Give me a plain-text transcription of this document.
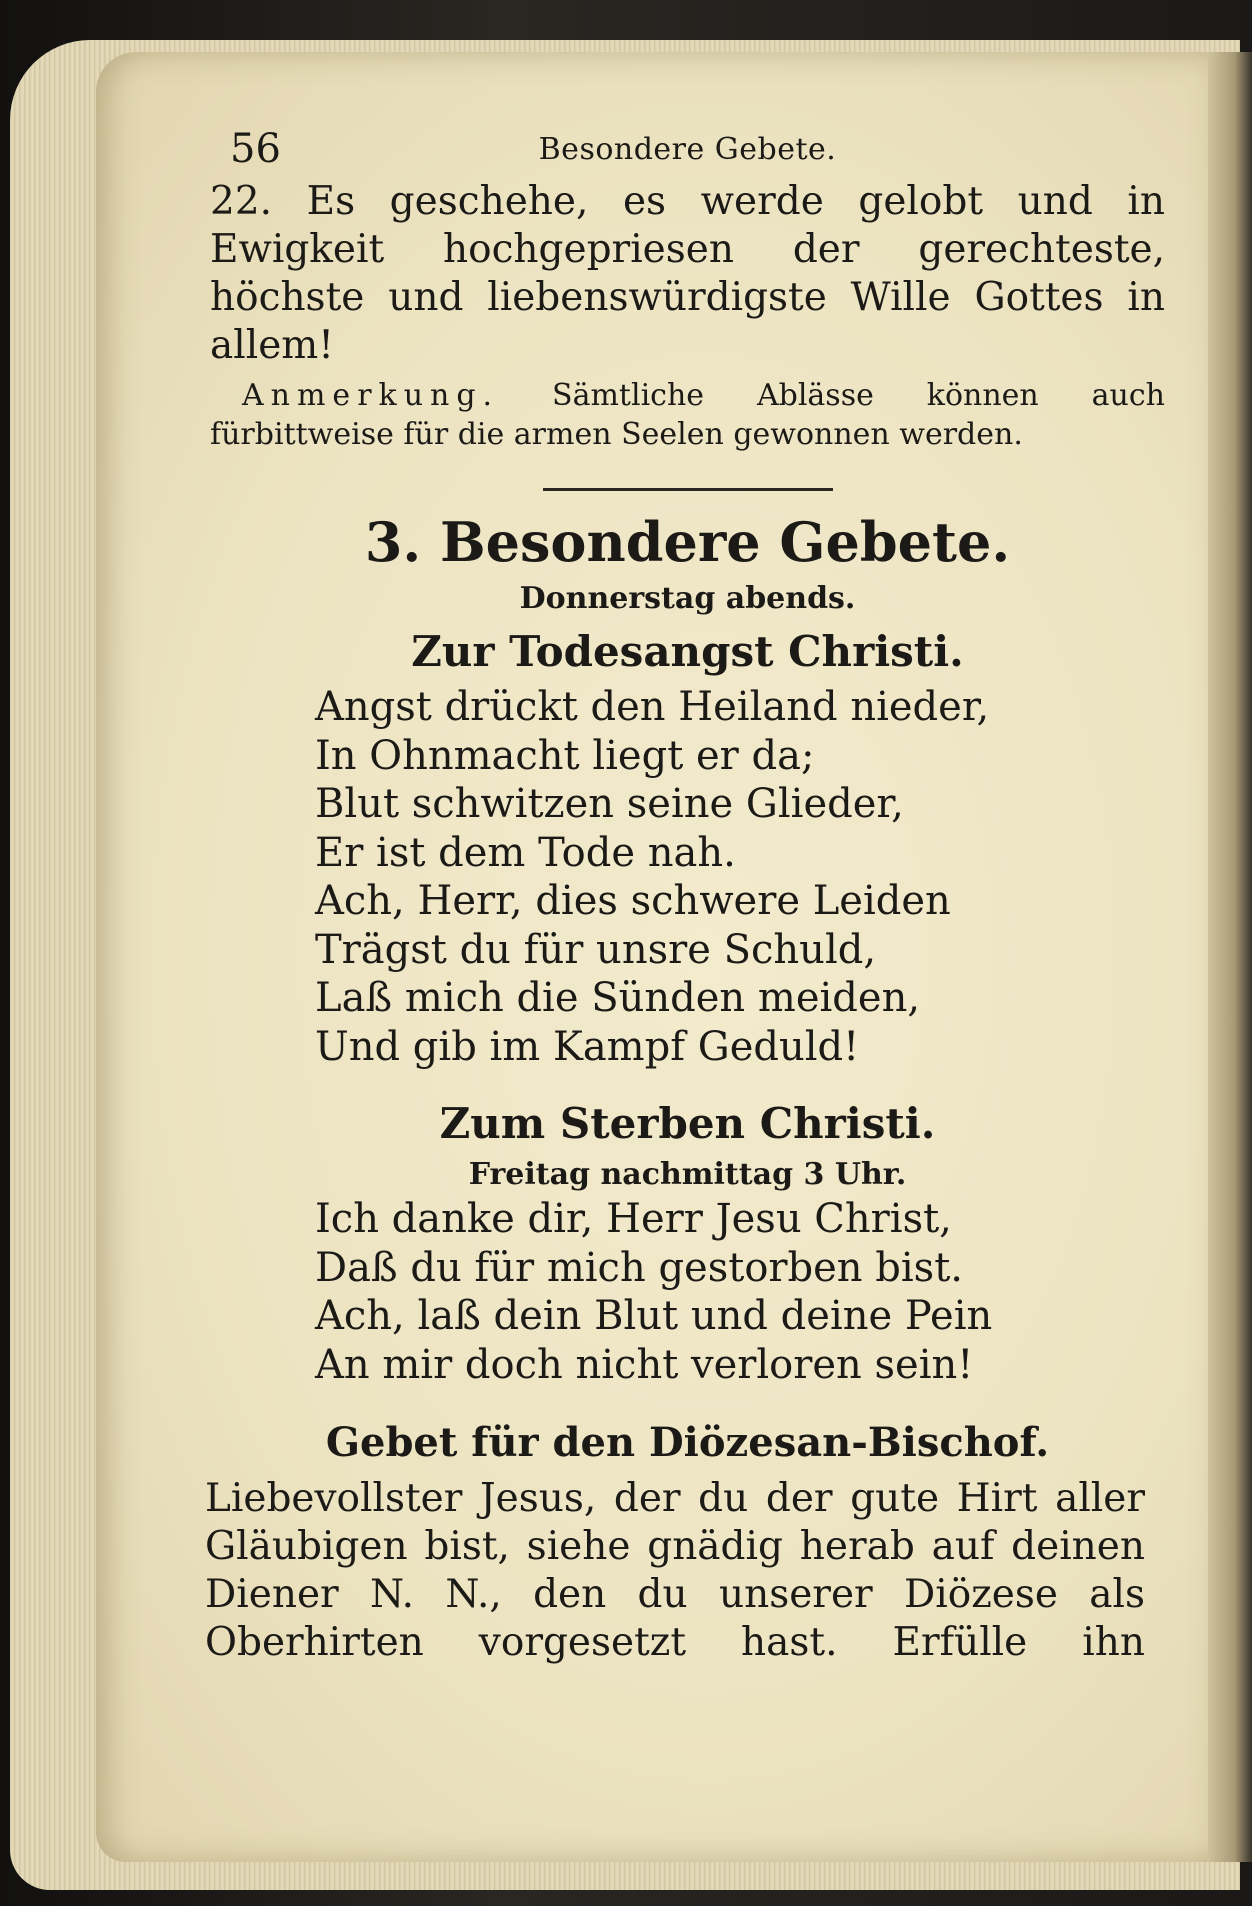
56	Besondere Gebete.

22. Es geschehe, es werde gelobt und in Ewigkeit hochgepriesen der gerechteste, höchste und liebenswürdigste Wille Gottes in allem!

Anmerkung. Sämtliche Ablässe können auch fürbittweise für die armen Seelen gewonnen werden.

3. Besondere Gebete.
Donnerstag abends.
Zur Todesangst Christi.
Angst drückt den Heiland nieder,
In Ohnmacht liegt er da;
Blut schwitzen seine Glieder,
Er ist dem Tode nah.
Ach, Herr, dies schwere Leiden
Trägst du für unsre Schuld,
Laß mich die Sünden meiden,
Und gib im Kampf Geduld!
Zum Sterben Christi.
Freitag nachmittag 3 Uhr.
Ich danke dir, Herr Jesu Christ,
Daß du für mich gestorben bist.
Ach, laß dein Blut und deine Pein
An mir doch nicht verloren sein!
Gebet für den Diözesan-Bischof.

Liebevollster Jesus, der du der gute Hirt aller Gläubigen bist, siehe gnädig herab auf deinen Diener N. N., den du unserer Diözese als Oberhirten vorgesetzt hast. Erfülle ihn
